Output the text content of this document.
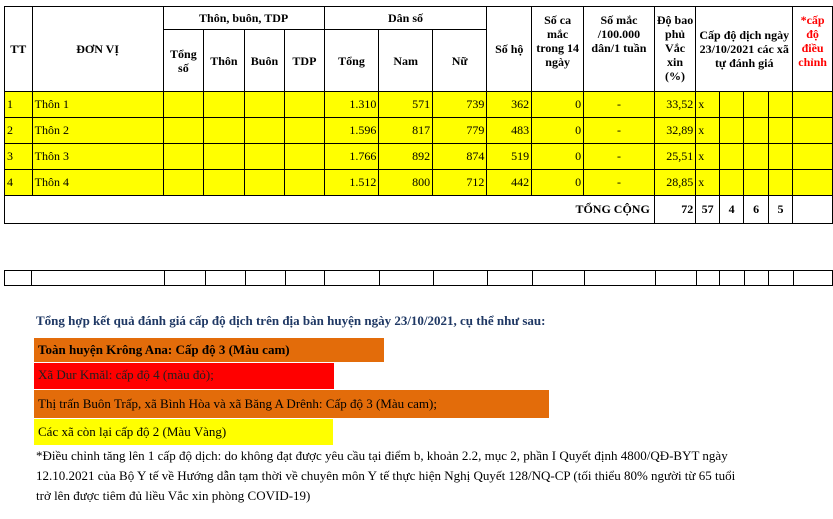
TT	ĐƠN VỊ	Thôn, buôn, TDP				Dân số			Số hộ	Số ca mắc trong 14 ngày	Số mắc /100.000 dân/1 tuần	Độ bao phủ Vắc xin (%)	Cấp độ dịch ngày 23/10/2021 các xã tự đánh giá				*cấp độ điều chỉnh

		Tổng số	Thôn	Buôn	TDP	Tổng	Nam	Nữ									
1	Thôn 1					1.310	571	739	362	0	-	33,52	x				
2	Thôn 2					1.596	817	779	483	0	-	32,89	x				
3	Thôn 3					1.766	892	874	519	0	-	25,51	x				
4	Thôn 4					1.512	800	712	442	0	-	28,85	x				
TỔNG CỘNG												72	57	4	6	5	

Tổng hợp kết quả đánh giá cấp độ dịch trên địa bàn huyện ngày 23/10/2021, cụ thể như sau:
Toàn huyện Krông Ana: Cấp độ 3 (Màu cam)
Xã Dur Kmăl: cấp độ 4 (màu đỏ);
Thị trấn Buôn Trấp, xã Bình Hòa và xã Băng A Drênh: Cấp độ 3 (Màu cam);
Các xã còn lại cấp độ 2 (Màu Vàng)
*Điều chỉnh tăng lên 1 cấp độ dịch: do không đạt được yêu cầu tại điểm b, khoản 2.2, mục 2, phần I Quyết định 4800/QĐ-BYT ngày 12.10.2021 của Bộ Y tế về Hướng dẫn tạm thời về chuyên môn Y tế thực hiện Nghị Quyết 128/NQ-CP (tối thiểu 80% người từ 65 tuổi trở lên được tiêm đủ liều Vắc xin phòng COVID-19)
